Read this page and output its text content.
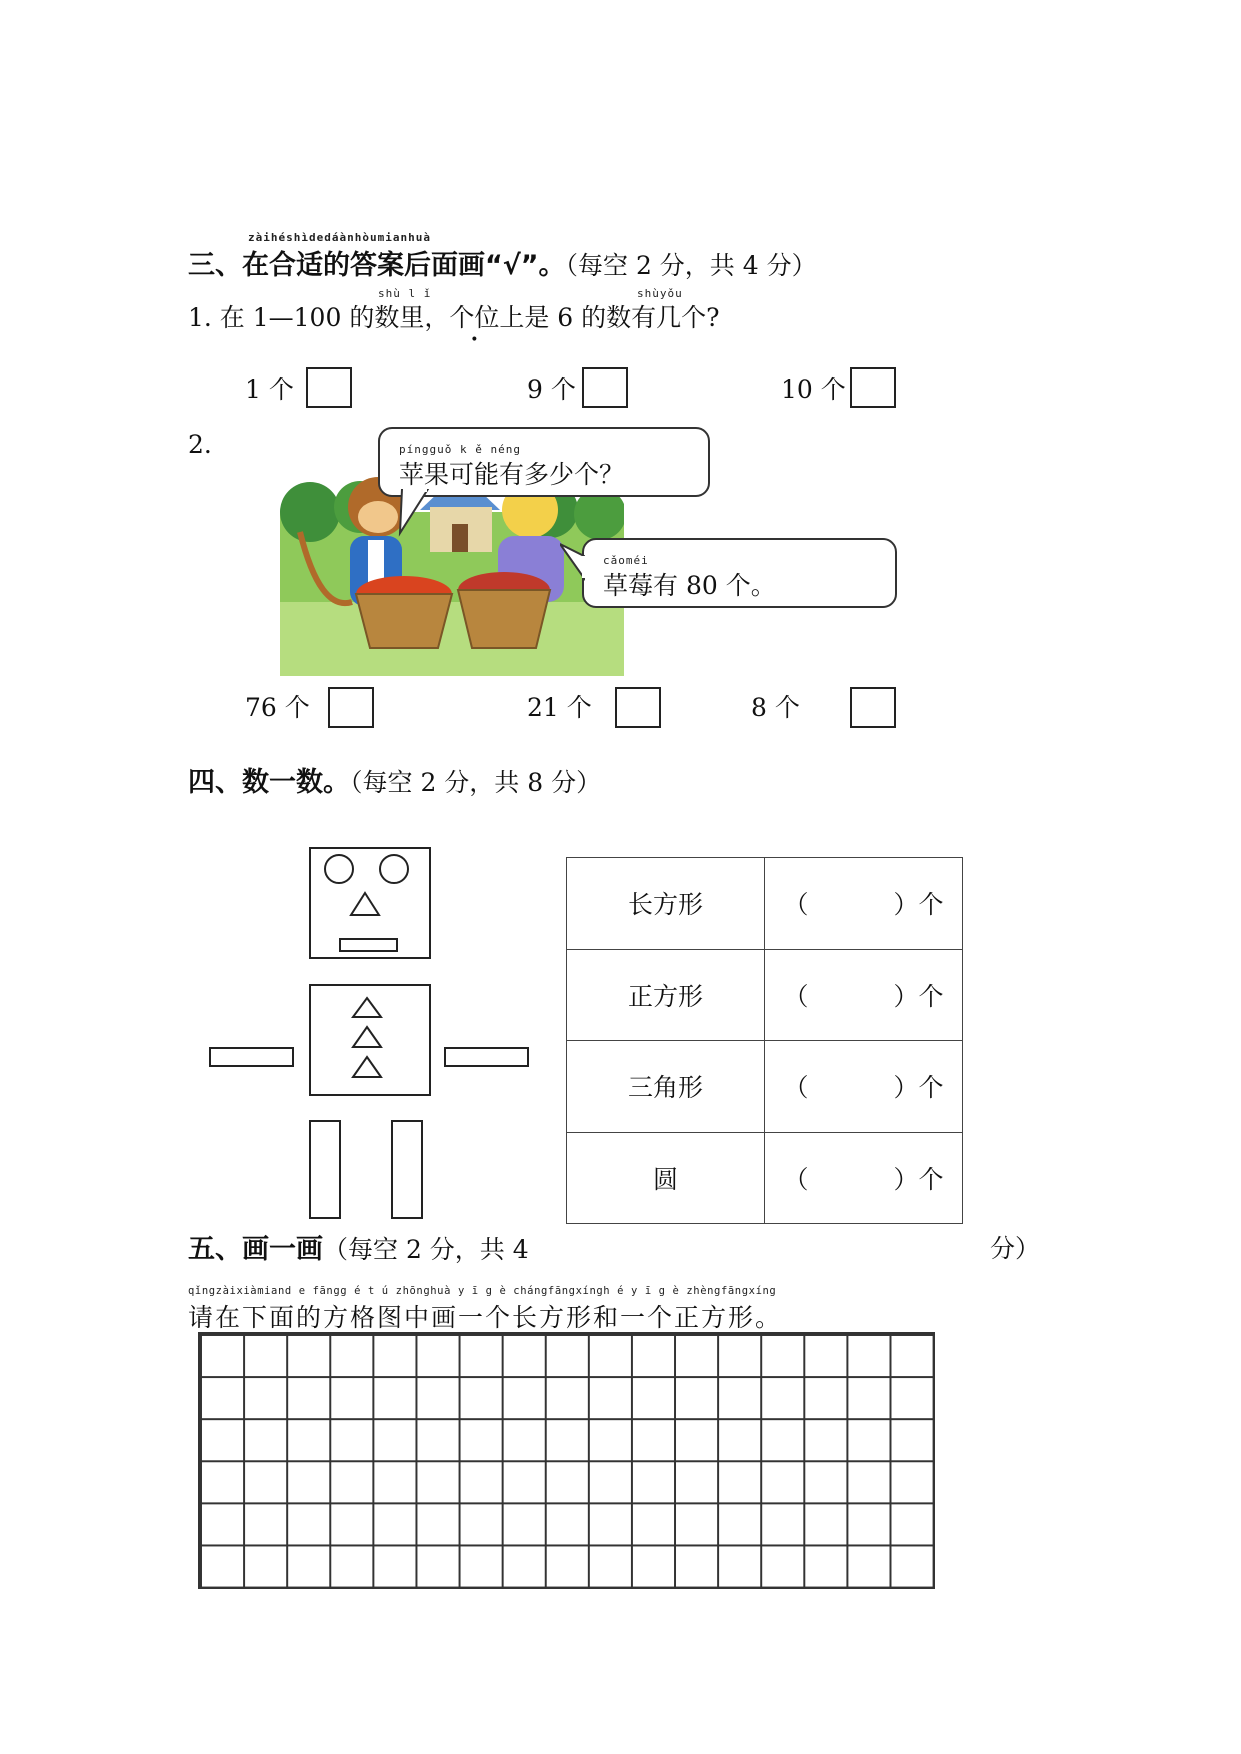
zàihéshìdedáànhòumianhuà
三、在合适的答案后面画“√”。（每空 2 分，共 4 分）
shù l ǐ	shùyǒu
1. 在 1—100 的数里，个位上是 6 的数有几个?
1 个	9 个	10 个
2.	píngguǒ k ě néng
苹果可能有多少个？
cǎoméi
草莓有 80 个。
76 个	21 个	8 个
四、数一数。（每空 2 分，共 8 分）
长方形	（ ）个

正方形	（ ）个

三角形	（ ）个

圆	（ ）个
五、画一画（每空 2 分，共 4	分）
qǐngzàixiàmiand e fāngg é t ú zhōnghuà y ī g è chángfāngxíngh é y ī g è zhèngfāngxíng
请在下面的方格图中画一个长方形和一个正方形。
